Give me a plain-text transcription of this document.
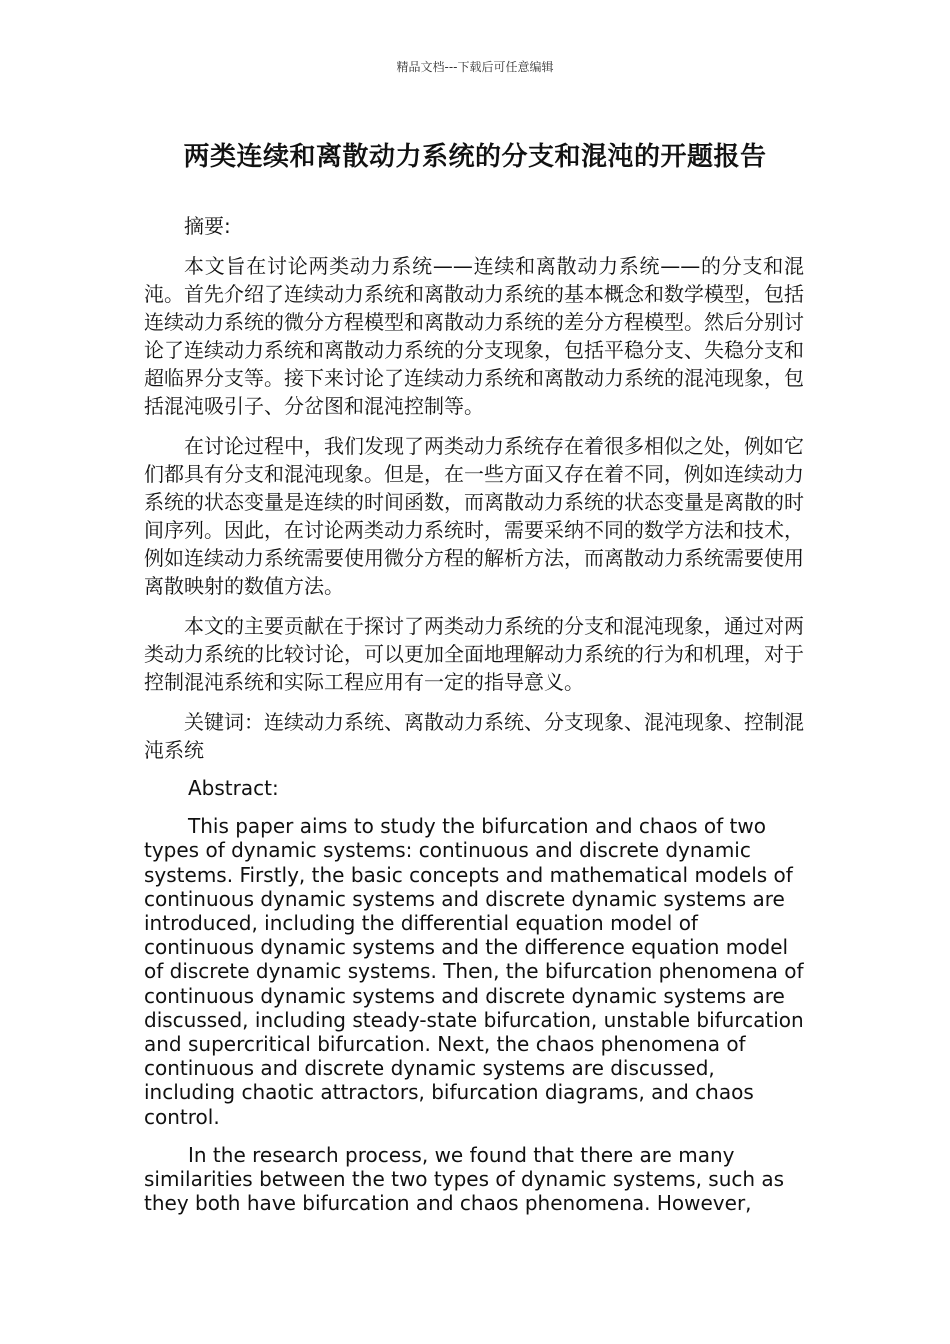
精品文档---下载后可任意编辑
两类连续和离散动力系统的分支和混沌的开题报告

摘要:

本文旨在讨论两类动力系统——连续和离散动力系统——的分支和混沌。首先介绍了连续动力系统和离散动力系统的基本概念和数学模型，包括连续动力系统的微分方程模型和离散动力系统的差分方程模型。然后分别讨论了连续动力系统和离散动力系统的分支现象，包括平稳分支、失稳分支和超临界分支等。接下来讨论了连续动力系统和离散动力系统的混沌现象，包括混沌吸引子、分岔图和混沌控制等。

在讨论过程中，我们发现了两类动力系统存在着很多相似之处，例如它们都具有分支和混沌现象。但是，在一些方面又存在着不同，例如连续动力系统的状态变量是连续的时间函数，而离散动力系统的状态变量是离散的时间序列。因此，在讨论两类动力系统时，需要采纳不同的数学方法和技术，例如连续动力系统需要使用微分方程的解析方法，而离散动力系统需要使用离散映射的数值方法。

本文的主要贡献在于探讨了两类动力系统的分支和混沌现象，通过对两类动力系统的比较讨论，可以更加全面地理解动力系统的行为和机理，对于控制混沌系统和实际工程应用有一定的指导意义。

关键词：连续动力系统、离散动力系统、分支现象、混沌现象、控制混沌系统

Abstract:

This paper aims to study the bifurcation and chaos of two types of dynamic systems: continuous and discrete dynamic systems. Firstly, the basic concepts and mathematical models of continuous dynamic systems and discrete dynamic systems are introduced, including the differential equation model of continuous dynamic systems and the difference equation model of discrete dynamic systems. Then, the bifurcation phenomena of continuous dynamic systems and discrete dynamic systems are discussed, including steady-state bifurcation, unstable bifurcation and supercritical bifurcation. Next, the chaos phenomena of continuous and discrete dynamic systems are discussed, including chaotic attractors, bifurcation diagrams, and chaos control.

In the research process, we found that there are many similarities between the two types of dynamic systems, such as they both have bifurcation and chaos phenomena. However,
